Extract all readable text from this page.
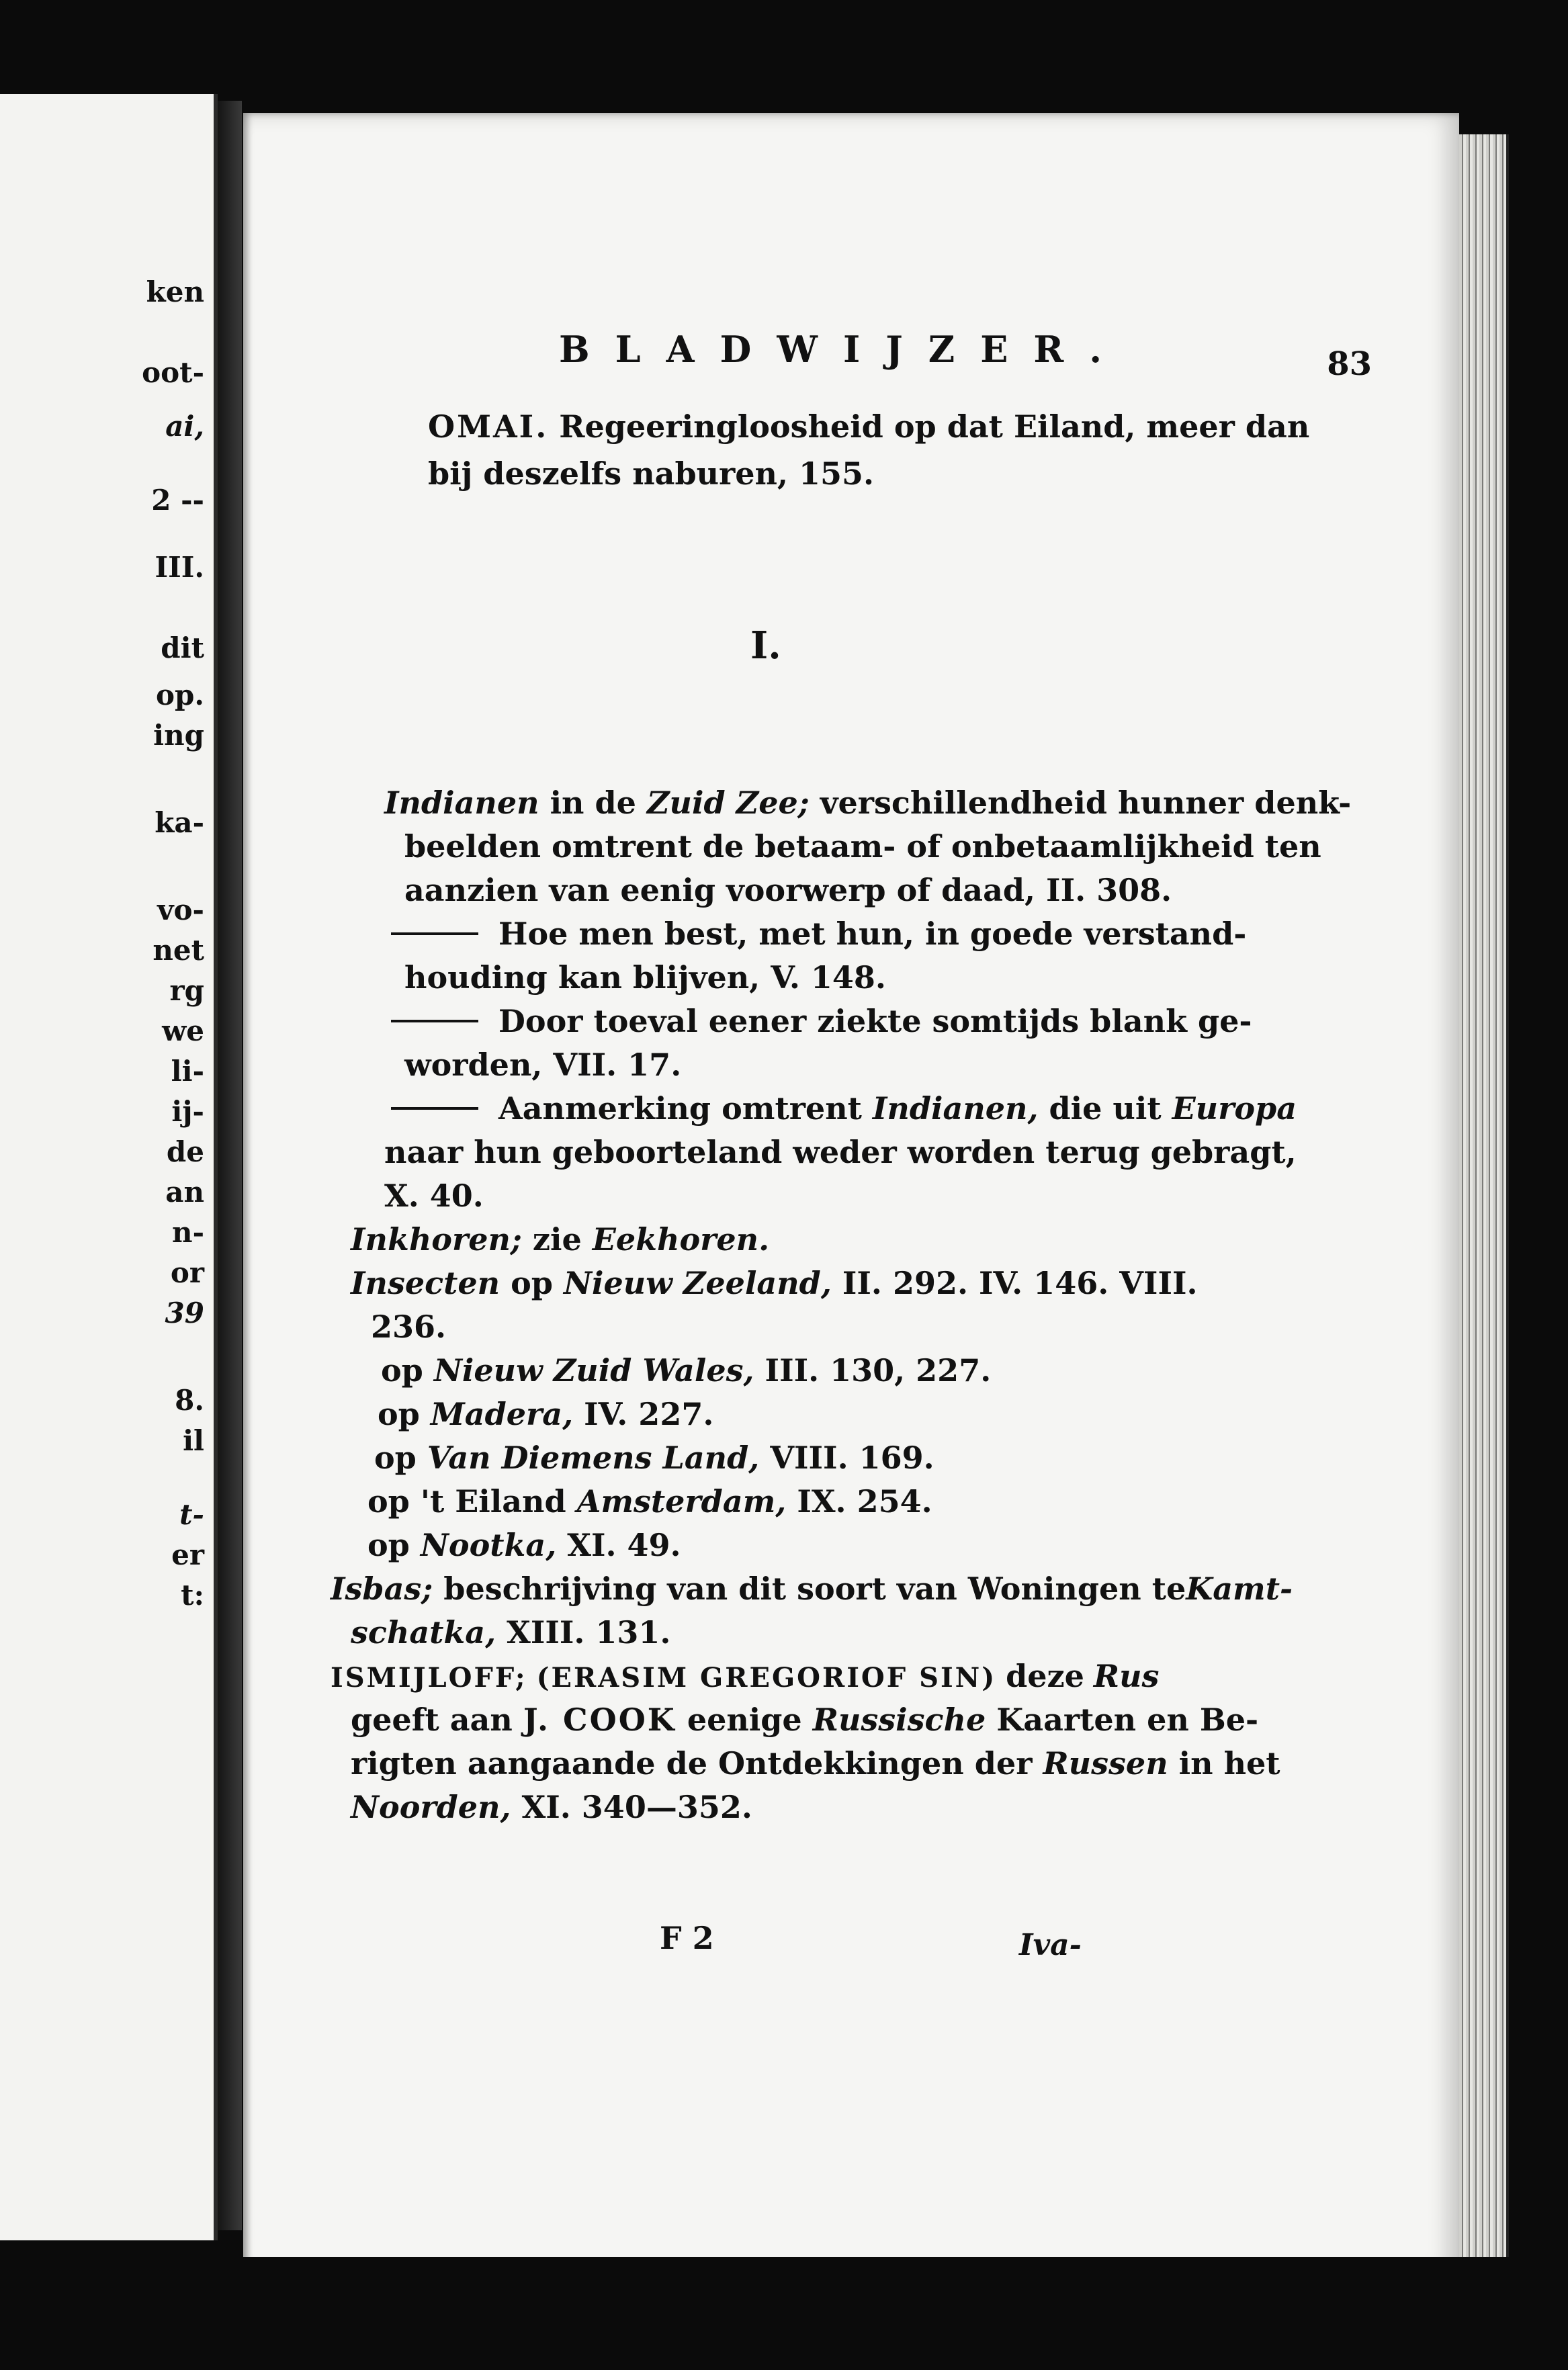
ken
oot-
ai,
2 --
III.
dit
op.
ing
ka-
vo-
net
rg
we
li-
ij-
de
an
n-
or
39
8.
il
t-
er
t:
BLADWIJZER.	83
OMAI. Regeeringloosheid op dat Eiland, meer dan
bij deszelfs naburen, 155.
I.
Indianen in de Zuid Zee; verschillendheid hunner denk-
beelden omtrent de betaam- of onbetaamlijkheid ten
aanzien van eenig voorwerp of daad, II. 308.
Hoe men best, met hun, in goede verstand-
houding kan blijven, V. 148.
Door toeval eener ziekte somtijds blank ge-
worden, VII. 17.
Aanmerking omtrent Indianen, die uit Europa
naar hun geboorteland weder worden terug gebragt,
X. 40.
Inkhoren; zie Eekhoren.
Insecten op Nieuw Zeeland, II. 292. IV. 146. VIII.
236.
op Nieuw Zuid Wales, III. 130, 227.
op Madera, IV. 227.
op Van Diemens Land, VIII. 169.
op 't Eiland Amsterdam, IX. 254.
op Nootka, XI. 49.
Isbas; beschrijving van dit soort van Woningen teKamt-
schatka, XIII. 131.
ISMIJLOFF; (ERASIM GREGORIOF SIN) deze Rus
geeft aan J. COOK eenige Russische Kaarten en Be-
rigten aangaande de Ontdekkingen der Russen in het
Noorden, XI. 340—352.
F 2	Iva-
